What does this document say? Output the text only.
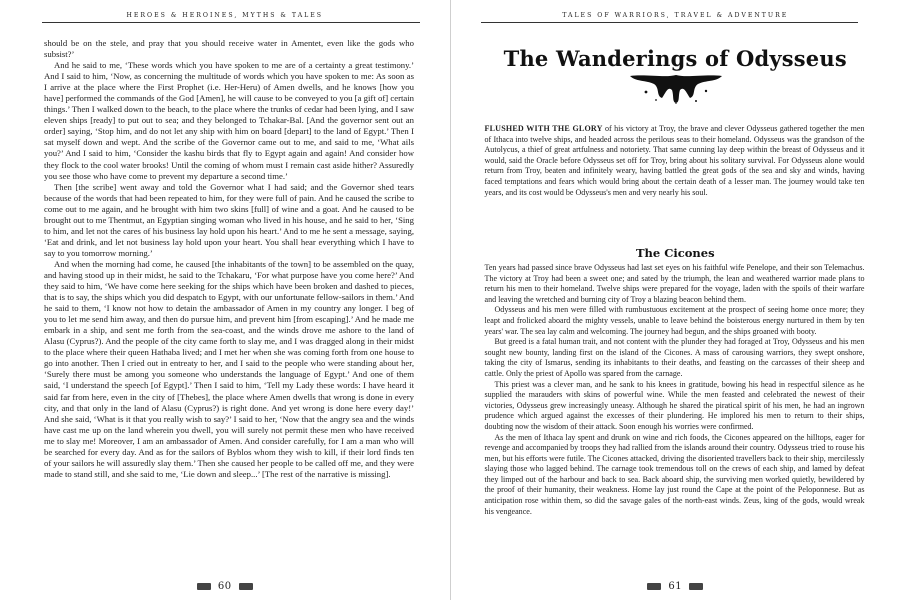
HEROES & HEROINES, MYTHS & TALES

should be on the stele, and pray that you should receive water in Amentet, even like the gods who subsist?’

And he said to me, ‘These words which you have spoken to me are of a certainty a great testimony.’ And I said to him, ‘Now, as concerning the multitude of words which you have spoken to me: As soon as I arrive at the place where the First Prophet (i.e. Her-Heru) of Amen dwells, and he knows [how you have] performed the commands of the God [Amen], he will cause to be conveyed to you [a gift of] certain things.’ Then I walked down to the beach, to the place where the trunks of cedar had been lying, and I saw eleven ships [ready] to put out to sea; and they belonged to Tchakar-Bal. [And the governor sent out an order] saying, ‘Stop him, and do not let any ship with him on board [depart] to the land of Egypt.’ Then I sat myself down and wept. And the scribe of the Governor came out to me, and said to me, ‘What ails you?’ And I said to him, ‘Consider the kashu birds that fly to Egypt again and again! And consider how they flock to the cool water brooks! Until the coming of whom must I remain cast aside hither? Assuredly you see those who have come to prevent my departure a second time.’

Then [the scribe] went away and told the Governor what I had said; and the Governor shed tears because of the words that had been repeated to him, for they were full of pain. And he caused the scribe to come out to me again, and he brought with him two skins [full] of wine and a goat. And he caused to be brought out to me Thentmut, an Egyptian singing woman who lived in his house, and he said to her, ‘Sing to him, and let not the cares of his business lay hold upon his heart.’ And to me he sent a message, saying, ‘Eat and drink, and let not business lay hold upon your heart. You shall hear everything which I have to say to you tomorrow morning.’

And when the morning had come, he caused [the inhabitants of the town] to be assembled on the quay, and having stood up in their midst, he said to the Tchakaru, ‘For what purpose have you come here?’ And they said to him, ‘We have come here seeking for the ships which have been broken and dashed to pieces, that is to say, the ships which you did despatch to Egypt, with our unfortunate fellow-sailors in them.’ And he said to them, ‘I know not how to detain the ambassador of Amen in my country any longer. I beg of you to let me send him away, and then do pursue him, and prevent him [from escaping].’ And he made me embark in a ship, and sent me forth from the sea-coast, and the winds drove me ashore to the land of Alasu (Cyprus?). And the people of the city came forth to slay me, and I was dragged along in their midst to the place where their queen Hathaba lived; and I met her when she was coming forth from one house to go into another. Then I cried out in entreaty to her, and I said to the people who were standing about her, ‘Surely there must be among you someone who understands the language of Egypt.’ And one of them said, ‘I understand the speech [of Egypt].’ Then I said to him, ‘Tell my Lady these words: I have heard it said far from here, even in the city of [Thebes], the place where Amen dwells that wrong is done in every city, and that only in the land of Alasu (Cyprus?) is right done. And yet wrong is done here every day!’ And she said, ‘What is it that you really wish to say?’ I said to her, ‘Now that the angry sea and the winds have cast me up on the land wherein you dwell, you will surely not permit these men who have received me to slay me! Moreover, I am an ambassador of Amen. And consider carefully, for I am a man who will be searched for every day. And as for the sailors of Byblos whom they wish to kill, if their lord finds ten of your sailors he will assuredly slay them.’ Then she caused her people to be called off me, and they were made to stand still, and she said to me, ‘Lie down and sleep...’ [The rest of the narrative is missing].

60
TALES OF WARRIORS, TRAVEL & ADVENTURE
The Wanderings of Odysseus

FLUSHED WITH THE GLORY of his victory at Troy, the brave and clever Odysseus gathered together the men of Ithaca into twelve ships, and headed across the perilous seas to their homeland. Odysseus was the grandson of the Autolycus, a thief of great artfulness and notoriety. That same cunning lay deep within the breast of Odysseus and it would, said the Oracle before Odysseus set off for Troy, bring about his solitary survival. For Odysseus alone would return from Troy, beaten and infinitely weary, having battled the great gods of the sea and sky and winds, having faced temptations and fears which would bring about the certain death of a lesser man. The journey would take ten years, and its cost would be Odysseus's men and very nearly his soul.

The Cicones

Ten years had passed since brave Odysseus had last set eyes on his faithful wife Penelope, and their son Telemachus. The victory at Troy had been a sweet one; and sated by the triumph, the lean and weathered warrior made plans to return his men to their homeland. Twelve ships were prepared for the voyage, laden with the spoils of their warfare and leaving the wretched and burning city of Troy a blazing beacon behind them.

Odysseus and his men were filled with rumbustuous excitement at the prospect of seeing home once more; they leapt and frolicked aboard the mighty vessels, unable to leave behind the boisterous energy nurtured in them by ten years' war. The sea lay calm and welcoming. The journey had begun, and the ships groaned with booty.

But greed is a fatal human trait, and not content with the plunder they had foraged at Troy, Odysseus and his men sought new bounty, landing first on the island of the Cicones. A mass of carousing warriors, they swept onshore, taking the city of Ismarus, sending its inhabitants to their deaths, and feasting on the carcasses of their sheep and cattle. Only the priest of Apollo was spared from the carnage.

This priest was a clever man, and he sank to his knees in gratitude, bowing his head in respectful silence as he supplied the marauders with skins of powerful wine. While the men feasted and celebrated the newest of their victories, Odysseus grew increasingly uneasy. Although he shared the piratical spirit of his men, he had an ingrown prudence which argued against the excesses of their plundering. He implored his men to return to their ships, doubting now the wisdom of their attack. Soon enough his worries were confirmed.

As the men of Ithaca lay spent and drunk on wine and rich foods, the Cicones appeared on the hilltops, eager for revenge and accompanied by troops they had rallied from the islands around their country. Odysseus tried to rouse his men, but his efforts were futile. The Cicones attacked, driving the disoriented travellers back to their ship, mercilessly slaying those who lagged behind. The carnage took tremendous toll on the crews of each ship, and lamed by defeat they limped out of the harbour and back to sea. Back aboard ship, the surviving men worked quietly, bewildered by the proof of their humanity, their weakness. Home lay just round the Cape at the point of the Peloponnese. But as anticipation rose within them, so did the savage gales of the north-east winds. Zeus, king of the gods, would wreak his vengeance.

61
